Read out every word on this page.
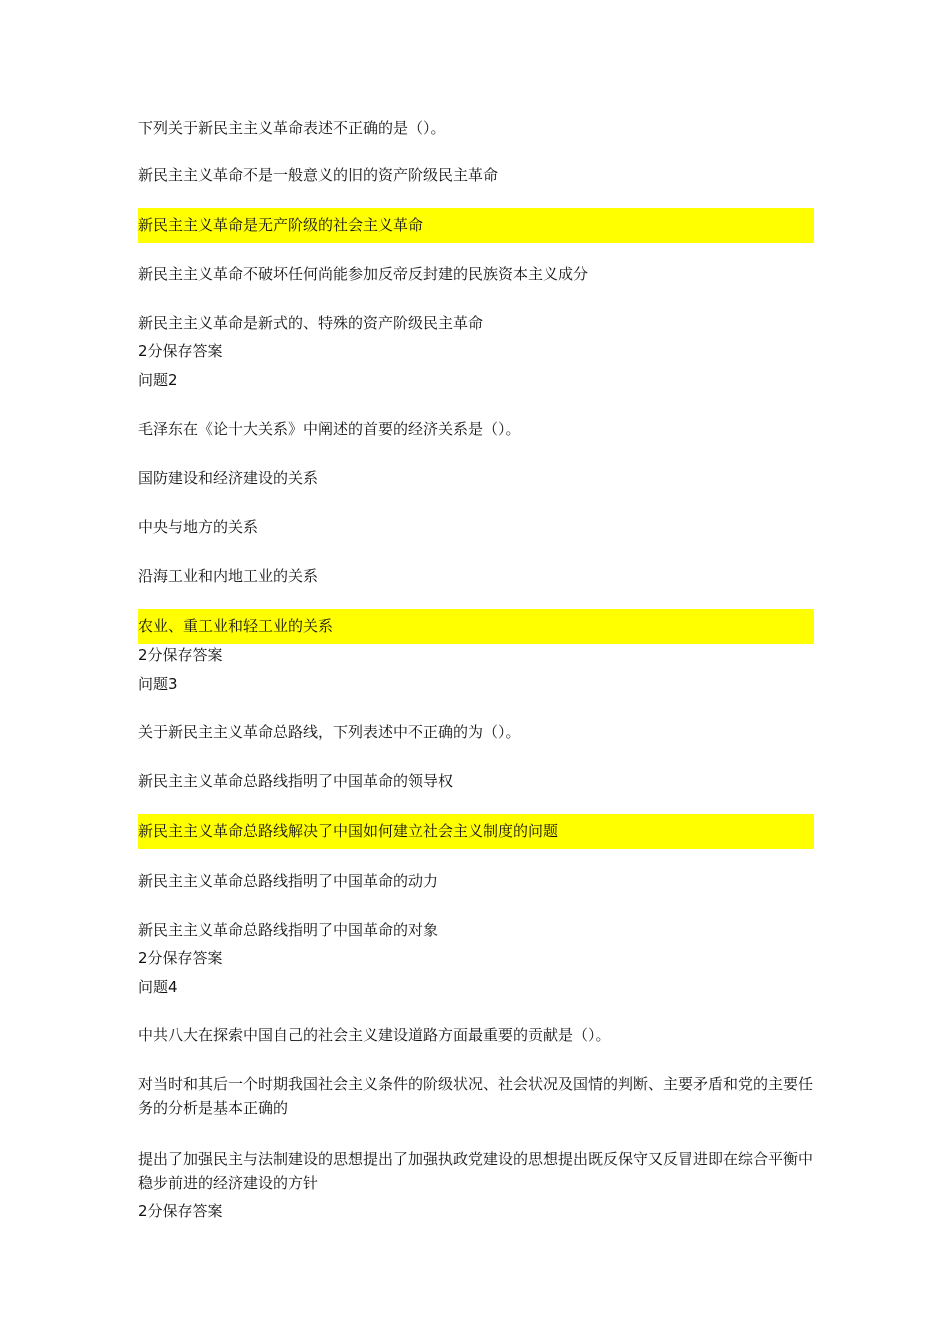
下列关于新民主主义革命表述不正确的是（）。
新民主主义革命不是一般意义的旧的资产阶级民主革命
新民主主义革命是无产阶级的社会主义革命
新民主主义革命不破坏任何尚能参加反帝反封建的民族资本主义成分
新民主主义革命是新式的、特殊的资产阶级民主革命
2分保存答案
问题2
毛泽东在《论十大关系》中阐述的首要的经济关系是（）。
国防建设和经济建设的关系
中央与地方的关系
沿海工业和内地工业的关系
农业、重工业和轻工业的关系
2分保存答案
问题3
关于新民主主义革命总路线，下列表述中不正确的为（）。
新民主主义革命总路线指明了中国革命的领导权
新民主主义革命总路线解决了中国如何建立社会主义制度的问题
新民主主义革命总路线指明了中国革命的动力
新民主主义革命总路线指明了中国革命的对象
2分保存答案
问题4
中共八大在探索中国自己的社会主义建设道路方面最重要的贡献是（）。
对当时和其后一个时期我国社会主义条件的阶级状况、社会状况及国情的判断、主要矛盾和党的主要任务的分析是基本正确的
提出了加强民主与法制建设的思想提出了加强执政党建设的思想提出既反保守又反冒进即在综合平衡中稳步前进的经济建设的方针
2分保存答案
